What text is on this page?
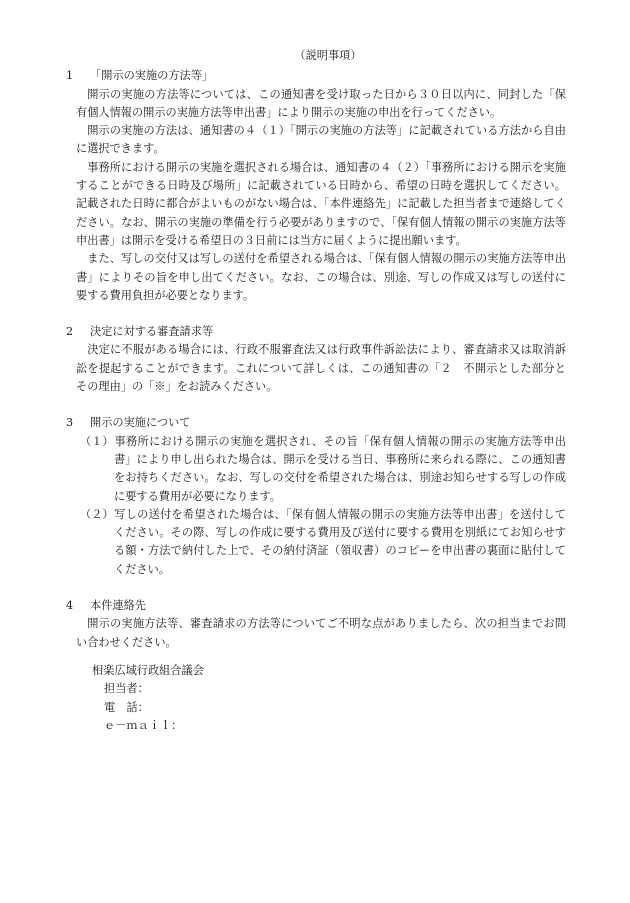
（説明事項）
1 「開示の実施の方法等」

開示の実施の方法等については、この通知書を受け取った日から３０日以内に、同封した「保有個人情報の開示の実施方法等申出書」により開示の実施の申出を行ってください。

開示の実施の方法は、通知書の４（１）「開示の実施の方法等」に記載されている方法から自由に選択できます。

事務所における開示の実施を選択される場合は、通知書の４（２）「事務所における開示を実施することができる日時及び場所」に記載されている日時から、希望の日時を選択してください。記載された日時に都合がよいものがない場合は、「本件連絡先」に記載した担当者まで連絡してください。なお、開示の実施の準備を行う必要がありますので、「保有個人情報の開示の実施方法等申出書」は開示を受ける希望日の３日前には当方に届くように提出願います。

また、写しの交付又は写しの送付を希望される場合は、「保有個人情報の開示の実施方法等申出書」によりその旨を申し出てください。なお、この場合は、別途、写しの作成又は写しの送付に要する費用負担が必要となります。

2 決定に対する審査請求等

決定に不服がある場合には、行政不服審査法又は行政事件訴訟法により、審査請求又は取消訴訟を提起することができます。これについて詳しくは、この通知書の「２　不開示とした部分とその理由」の「※」をお読みください。

3 開示の実施について

（１）事務所における開示の実施を選択され、その旨「保有個人情報の開示の実施方法等申出書」により申し出られた場合は、開示を受ける当日、事務所に来られる際に、この通知書をお持ちください。なお、写しの交付を希望された場合は、別途お知らせする写しの作成に要する費用が必要になります。

（２）写しの送付を希望された場合は、「保有個人情報の開示の実施方法等申出書」を送付してください。その際、写しの作成に要する費用及び送付に要する費用を別紙にてお知らせする額・方法で納付した上で、その納付済証（領収書）のコピーを申出書の裏面に貼付してください。

4 本件連絡先

開示の実施方法等、審査請求の方法等についてご不明な点がありましたら、次の担当までお問い合わせください。

相楽広域行政組合議会
担当者：
電　話：
ｅ－ｍａｉｌ：
